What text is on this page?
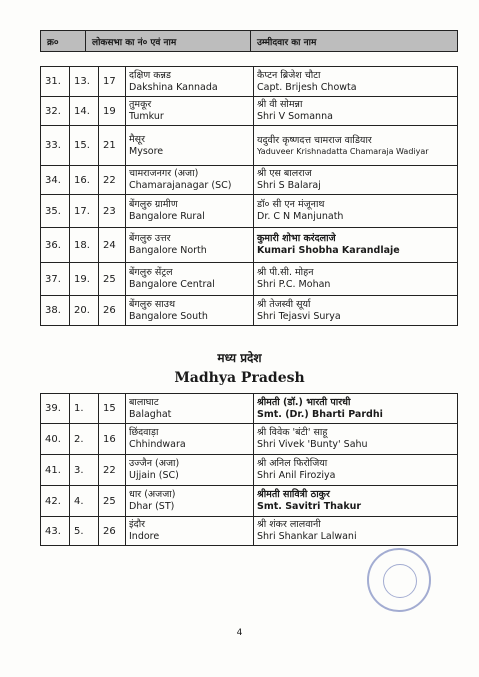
क्र०	लोकसभा का नं० एवं नाम	उम्मीदवार का नाम
31.	13.	17	दक्षिण कन्नड
Dakshina Kannada	कैप्टन ब्रिजेश चौटा
Capt. Brijesh Chowta

32.	14.	19	तुमकूर
Tumkur	श्री वी सोमन्ना
Shri V Somanna

33.	15.	21	मैसूर
Mysore	यदुवीर कृष्णदत्त चामराज वाडियार
Yaduveer Krishnadatta Chamaraja Wadiyar

34.	16.	22	चामराजनगर (अजा)
Chamarajanagar (SC)	श्री एस बालराज
Shri S Balaraj

35.	17.	23	बेंगलुरु ग्रामीण
Bangalore Rural	डॉ० सी एन मंजूनाथ
Dr. C N Manjunath

36.	18.	24	बेंगलुरु उत्तर
Bangalore North	कुमारी शोभा करंदलाजे
Kumari Shobha Karandlaje

37.	19.	25	बेंगलुरु सेंट्रल
Bangalore Central	श्री पी.सी. मोहन
Shri P.C. Mohan

38.	20.	26	बेंगलुरु साउथ
Bangalore South	श्री तेजस्वी सूर्या
Shri Tejasvi Surya
मध्य प्रदेश
Madhya Pradesh
39.	1.	15	बालाघाट
Balaghat	श्रीमती (डॉ.) भारती पारधी
Smt. (Dr.) Bharti Pardhi

40.	2.	16	छिंदवाड़ा
Chhindwara	श्री विवेक 'बंटी' साहू
Shri Vivek 'Bunty' Sahu

41.	3.	22	उज्जैन (अजा)
Ujjain (SC)	श्री अनिल फिरोजिया
Shri Anil Firoziya

42.	4.	25	धार (अजजा)
Dhar (ST)	श्रीमती सावित्री ठाकुर
Smt. Savitri Thakur

43.	5.	26	इंदौर
Indore	श्री शंकर लालवानी
Shri Shankar Lalwani
4
